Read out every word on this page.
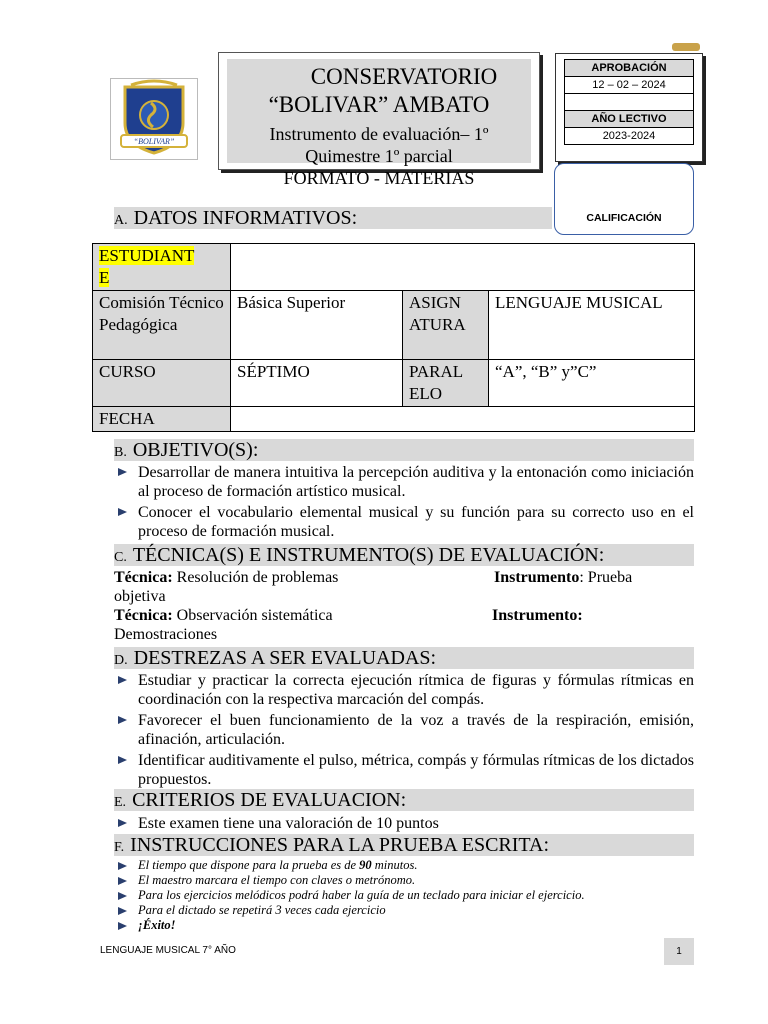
“BOLIVAR”
CONSERVATORIO
“BOLIVAR” AMBATO
Instrumento de evaluación– 1º
Quimestre 1º parcial
FORMATO - MATERIAS
APROBACIÓN
12 – 02 – 2024
AÑO LECTIVO
2023-2024
CALIFICACIÓN
A. DATOS INFORMATIVOS:
ESTUDIANT
E			
Comisión Técnico Pedagógica	Básica Superior	ASIGN ATURA	LENGUAJE MUSICAL
CURSO	SÉPTIMO	PARAL ELO	“A”, “B” y”C”
FECHA			
B. OBJETIVO(S):
Desarrollar de manera intuitiva la percepción auditiva y la entonación como iniciación al proceso de formación artístico musical.
Conocer el vocabulario elemental musical y su función para su correcto uso en el proceso de formación musical.
C. TÉCNICA(S) E INSTRUMENTO(S) DE EVALUACIÓN:
Técnica: Resolución de problemas	Instrumento: Prueba
objetiva
Técnica: Observación sistemática	Instrumento:
Demostraciones
D. DESTREZAS A SER EVALUADAS:
Estudiar y practicar la correcta ejecución rítmica de figuras y fórmulas rítmicas en coordinación con la respectiva marcación del compás.
Favorecer el buen funcionamiento de la voz a través de la respiración, emisión, afinación, articulación.
Identificar auditivamente el pulso, métrica, compás y fórmulas rítmicas de los dictados propuestos.
E. CRITERIOS DE EVALUACION:
Este examen tiene una valoración de 10 puntos
F. INSTRUCCIONES PARA LA PRUEBA ESCRITA:
El tiempo que dispone para la prueba es de 90 minutos.
El maestro marcara el tiempo con claves o metrónomo.
Para los ejercicios melódicos podrá haber la guía de un teclado para iniciar el ejercicio.
Para el dictado se repetirá 3 veces cada ejercicio
¡Éxito!
LENGUAJE MUSICAL 7° AÑO	1
